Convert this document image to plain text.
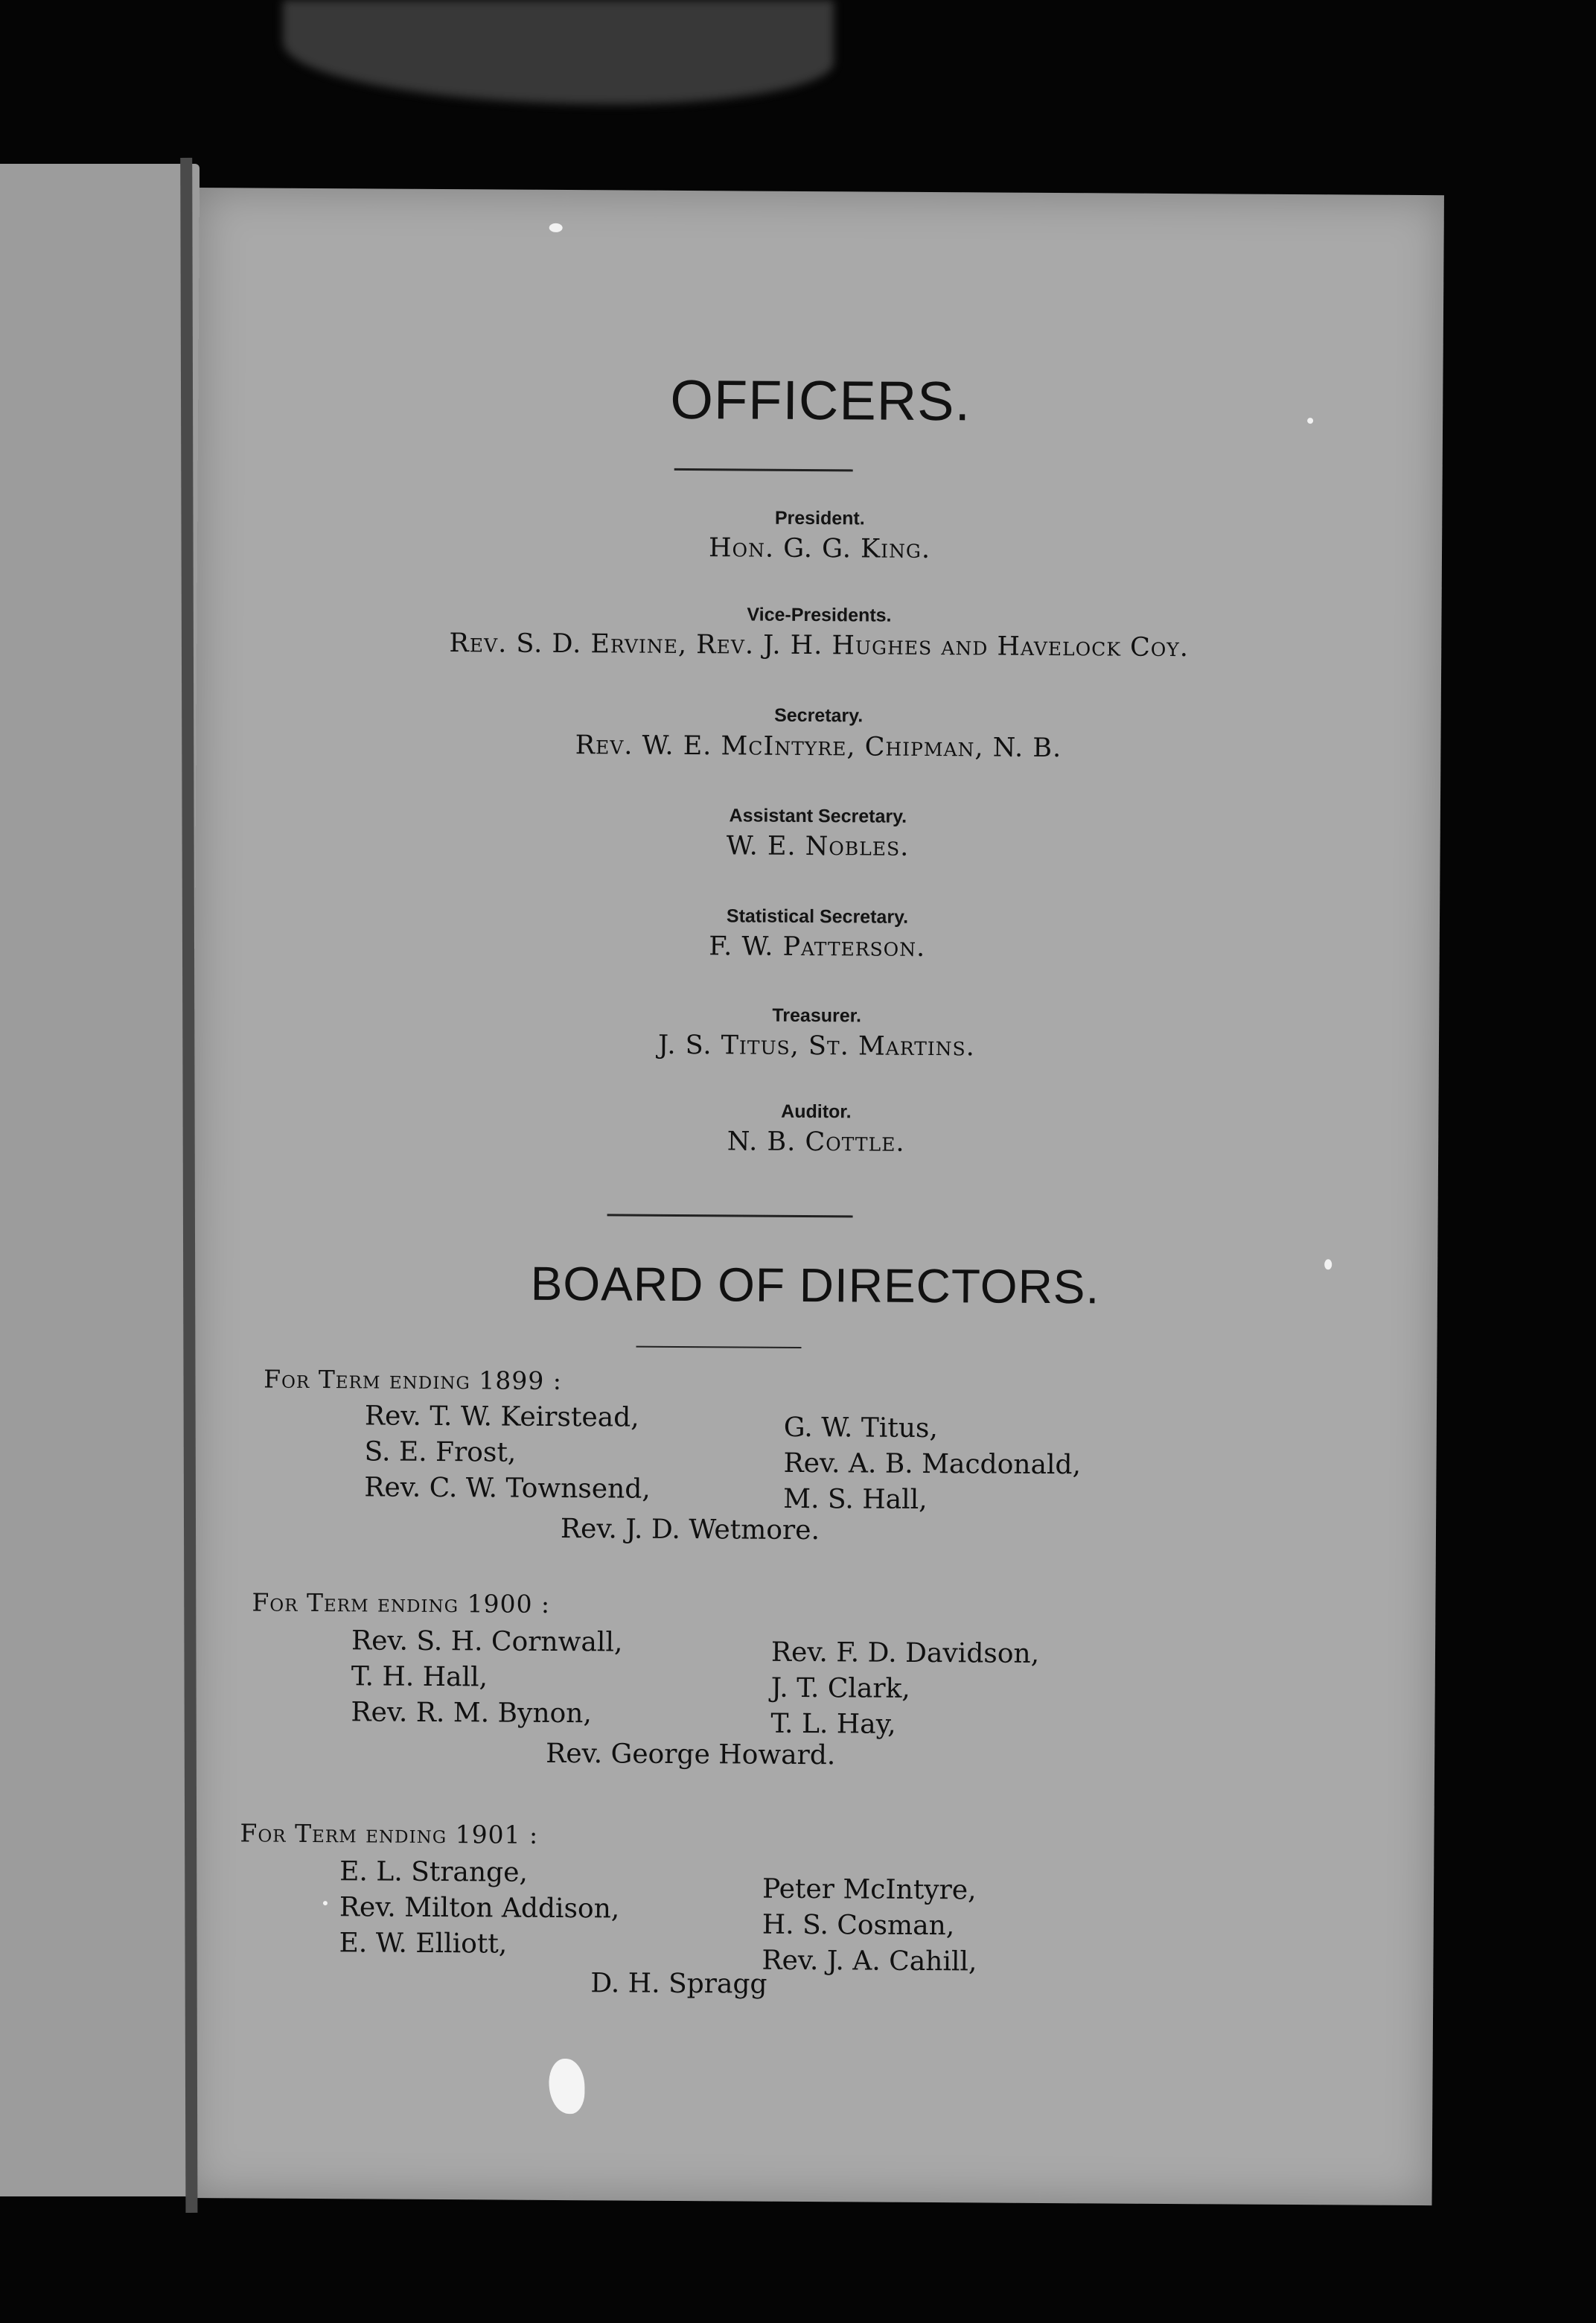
OFFICERS.
President.
Hon. G. G. King.
Vice-Presidents.
Rev. S. D. Ervine, Rev. J. H. Hughes and Havelock Coy.
Secretary.
Rev. W. E. McIntyre, Chipman, N. B.
Assistant Secretary.
W. E. Nobles.
Statistical Secretary.
F. W. Patterson.
Treasurer.
J. S. Titus, St. Martins.
Auditor.
N. B. Cottle.
BOARD OF DIRECTORS.
For Term ending 1899 :
Rev. T. W. Keirstead,
S. E. Frost,
Rev. C. W. Townsend,
G. W. Titus,
Rev. A. B. Macdonald,
M. S. Hall,
Rev. J. D. Wetmore.
For Term ending 1900 :
Rev. S. H. Cornwall,
T. H. Hall,
Rev. R. M. Bynon,
Rev. F. D. Davidson,
J. T. Clark,
T. L. Hay,
Rev. George Howard.
For Term ending 1901 :
E. L. Strange,
Rev. Milton Addison,
E. W. Elliott,
Peter McIntyre,
H. S. Cosman,
Rev. J. A. Cahill,
D. H. Spragg
